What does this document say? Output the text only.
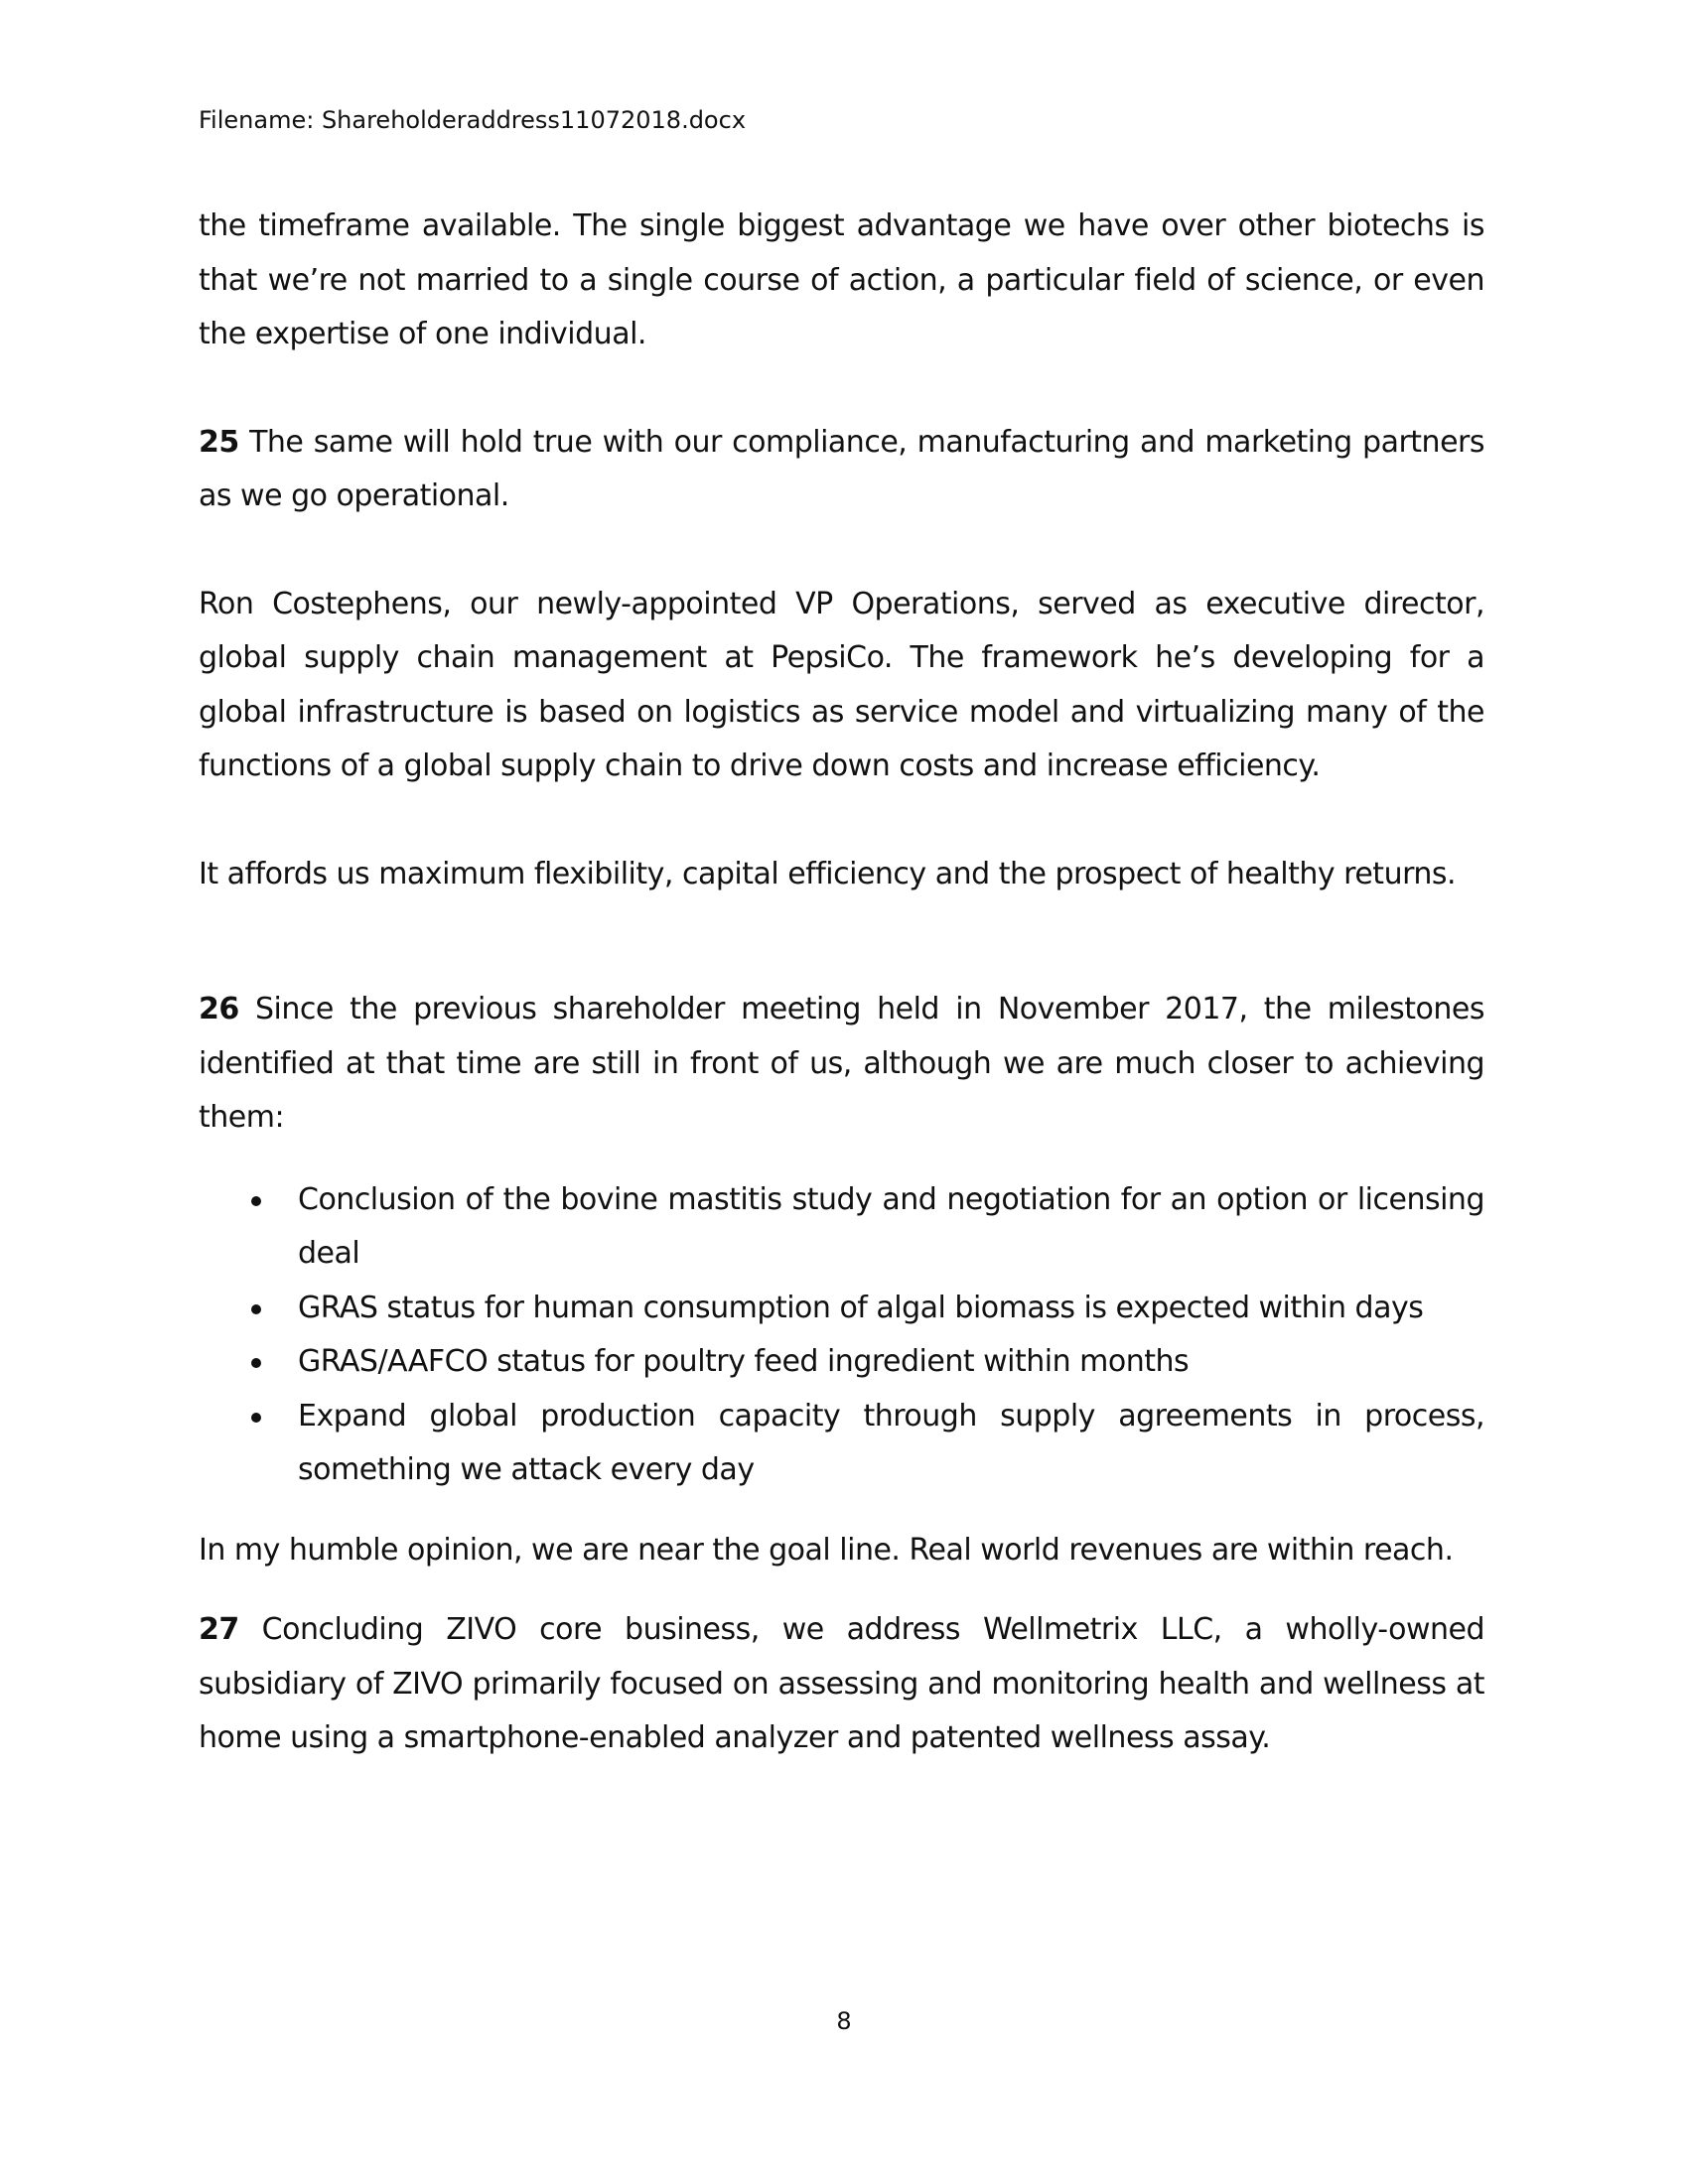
Filename: Shareholderaddress11072018.docx

the timeframe available. The single biggest advantage we have over other biotechs is that we’re not married to a single course of action, a particular field of science, or even the expertise of one individual.

25 The same will hold true with our compliance, manufacturing and marketing partners as we go operational.

Ron Costephens, our newly-appointed VP Operations, served as executive director, global supply chain management at PepsiCo. The framework he’s developing for a global infrastructure is based on logistics as service model and virtualizing many of the functions of a global supply chain to drive down costs and increase efficiency.

It affords us maximum flexibility, capital efficiency and the prospect of healthy returns.

26 Since the previous shareholder meeting held in November 2017, the milestones identified at that time are still in front of us, although we are much closer to achieving them:

Conclusion of the bovine mastitis study and negotiation for an option or licensing deal
GRAS status for human consumption of algal biomass is expected within days
GRAS/AAFCO status for poultry feed ingredient within months
Expand global production capacity through supply agreements in process, something we attack every day

In my humble opinion, we are near the goal line. Real world revenues are within reach.

27 Concluding ZIVO core business, we address Wellmetrix LLC, a wholly-owned subsidiary of ZIVO primarily focused on assessing and monitoring health and wellness at home using a smartphone-enabled analyzer and patented wellness assay.

8
